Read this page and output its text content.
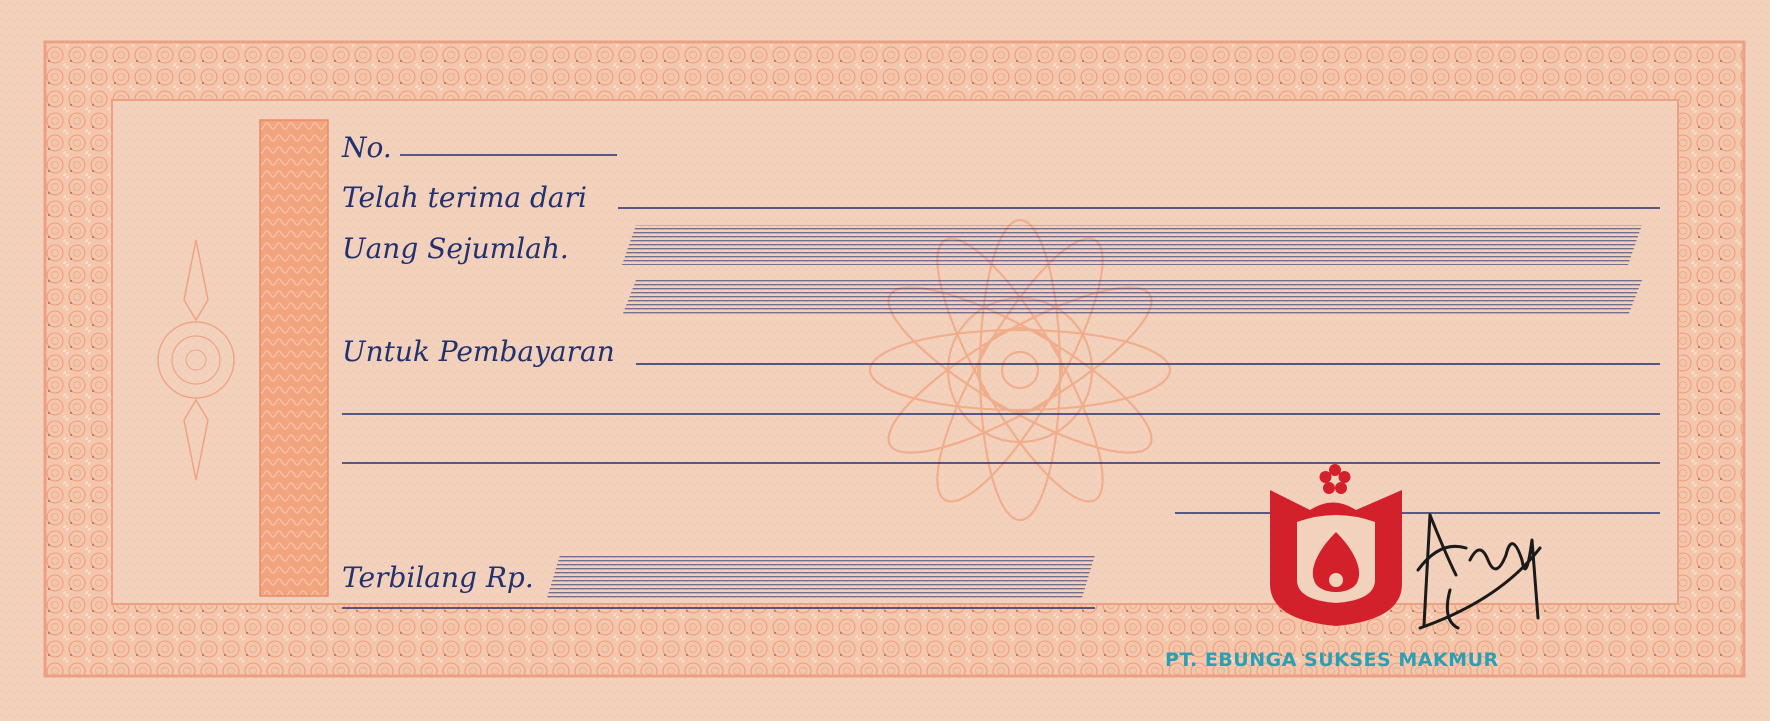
No.
Telah terima dari
Uang Sejumlah.
Untuk Pembayaran
Terbilang Rp.
PT. EBUNGA SUKSES MAKMUR
